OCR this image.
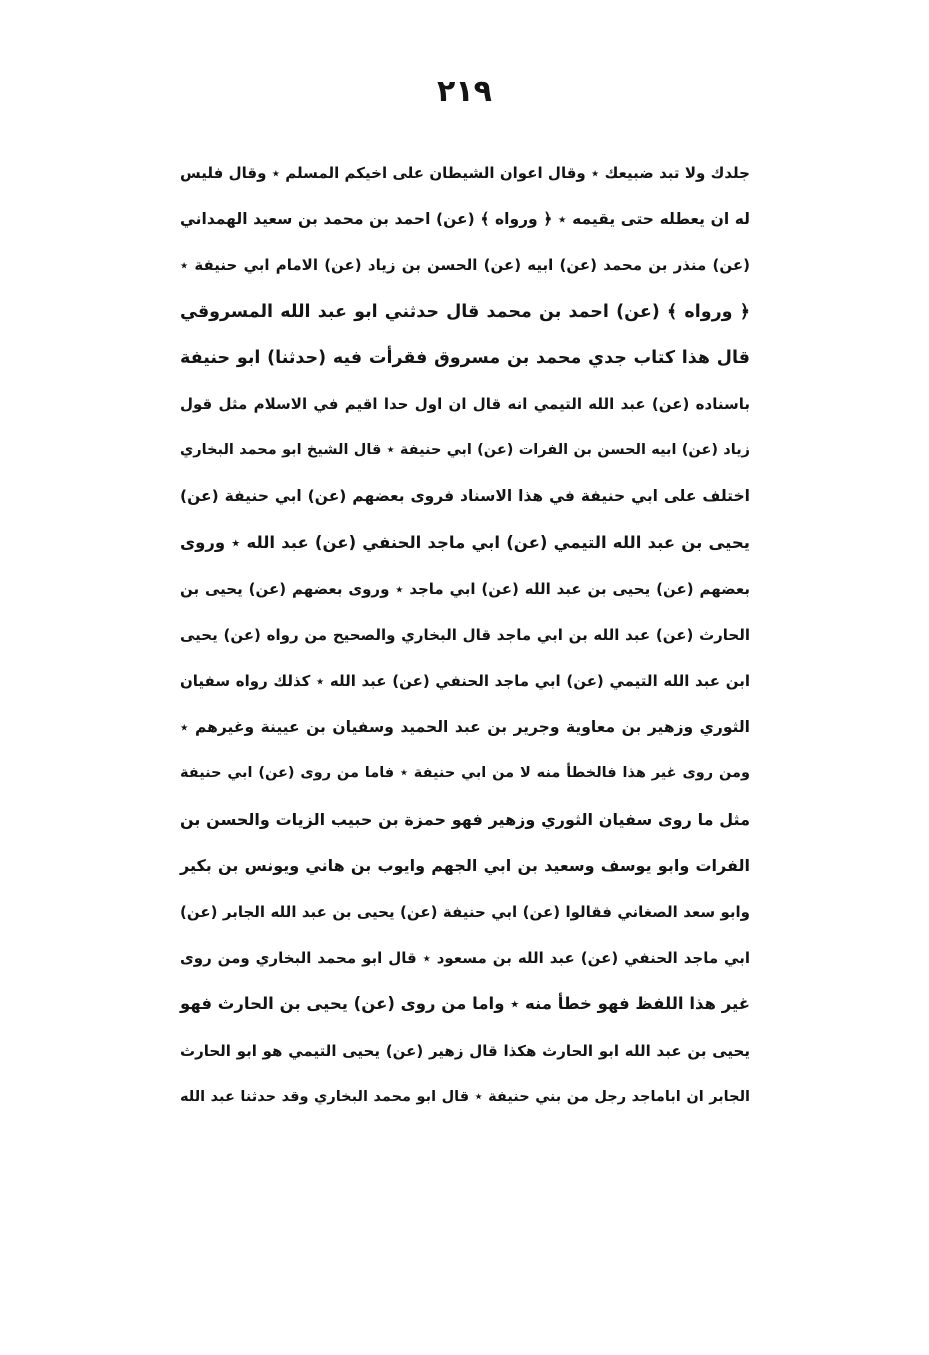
٢١٩
جلدك ولا تبد ضبيعك ٭ وقال اعوان الشيطان على اخيكم المسلم ٭ وقال فليس
له ان يعطله حتى يقيمه ٭ ﴿ ورواه ﴾ (عن) احمد بن محمد بن سعيد الهمداني
(عن) منذر بن محمد (عن) ابيه (عن) الحسن بن زياد (عن) الامام ابي حنيفة ٭
﴿ ورواه ﴾ (عن) احمد بن محمد قال حدثني ابو عبد الله المسروقي
قال هذا كتاب جدي محمد بن مسروق فقرأت فيه (حدثنا) ابو حنيفة
باسناده (عن) عبد الله التيمي انه قال ان اول حدا اقيم في الاسلام مثل قول
زياد (عن) ابيه الحسن بن الفرات (عن) ابي حنيفة ٭ قال الشيخ ابو محمد البخاري
اختلف على ابي حنيفة في هذا الاسناد فروى بعضهم (عن) ابي حنيفة (عن)
يحيى بن عبد الله التيمي (عن) ابي ماجد الحنفي (عن) عبد الله ٭ وروى
بعضهم (عن) يحيى بن عبد الله (عن) ابي ماجد ٭ وروى بعضهم (عن) يحيى بن
الحارث (عن) عبد الله بن ابي ماجد قال البخاري والصحيح من رواه (عن) يحيى
ابن عبد الله التيمي (عن) ابي ماجد الحنفي (عن) عبد الله ٭ كذلك رواه سفيان
الثوري وزهير بن معاوية وجرير بن عبد الحميد وسفيان بن عيينة وغيرهم ٭
ومن روى غير هذا فالخطأ منه لا من ابي حنيفة ٭ فاما من روى (عن) ابي حنيفة
مثل ما روى سفيان الثوري وزهير فهو حمزة بن حبيب الزيات والحسن بن
الفرات وابو يوسف وسعيد بن ابي الجهم وايوب بن هاني ويونس بن بكير
وابو سعد الصغاني فقالوا (عن) ابي حنيفة (عن) يحيى بن عبد الله الجابر (عن)
ابي ماجد الحنفي (عن) عبد الله بن مسعود ٭ قال ابو محمد البخاري ومن روى
غير هذا اللفظ فهو خطأ منه ٭ واما من روى (عن) يحيى بن الحارث فهو
يحيى بن عبد الله ابو الحارث هكذا قال زهير (عن) يحيى التيمي هو ابو الحارث
الجابر ان اباماجد رجل من بني حنيفة ٭ قال ابو محمد البخاري وقد حدثنا عبد الله
